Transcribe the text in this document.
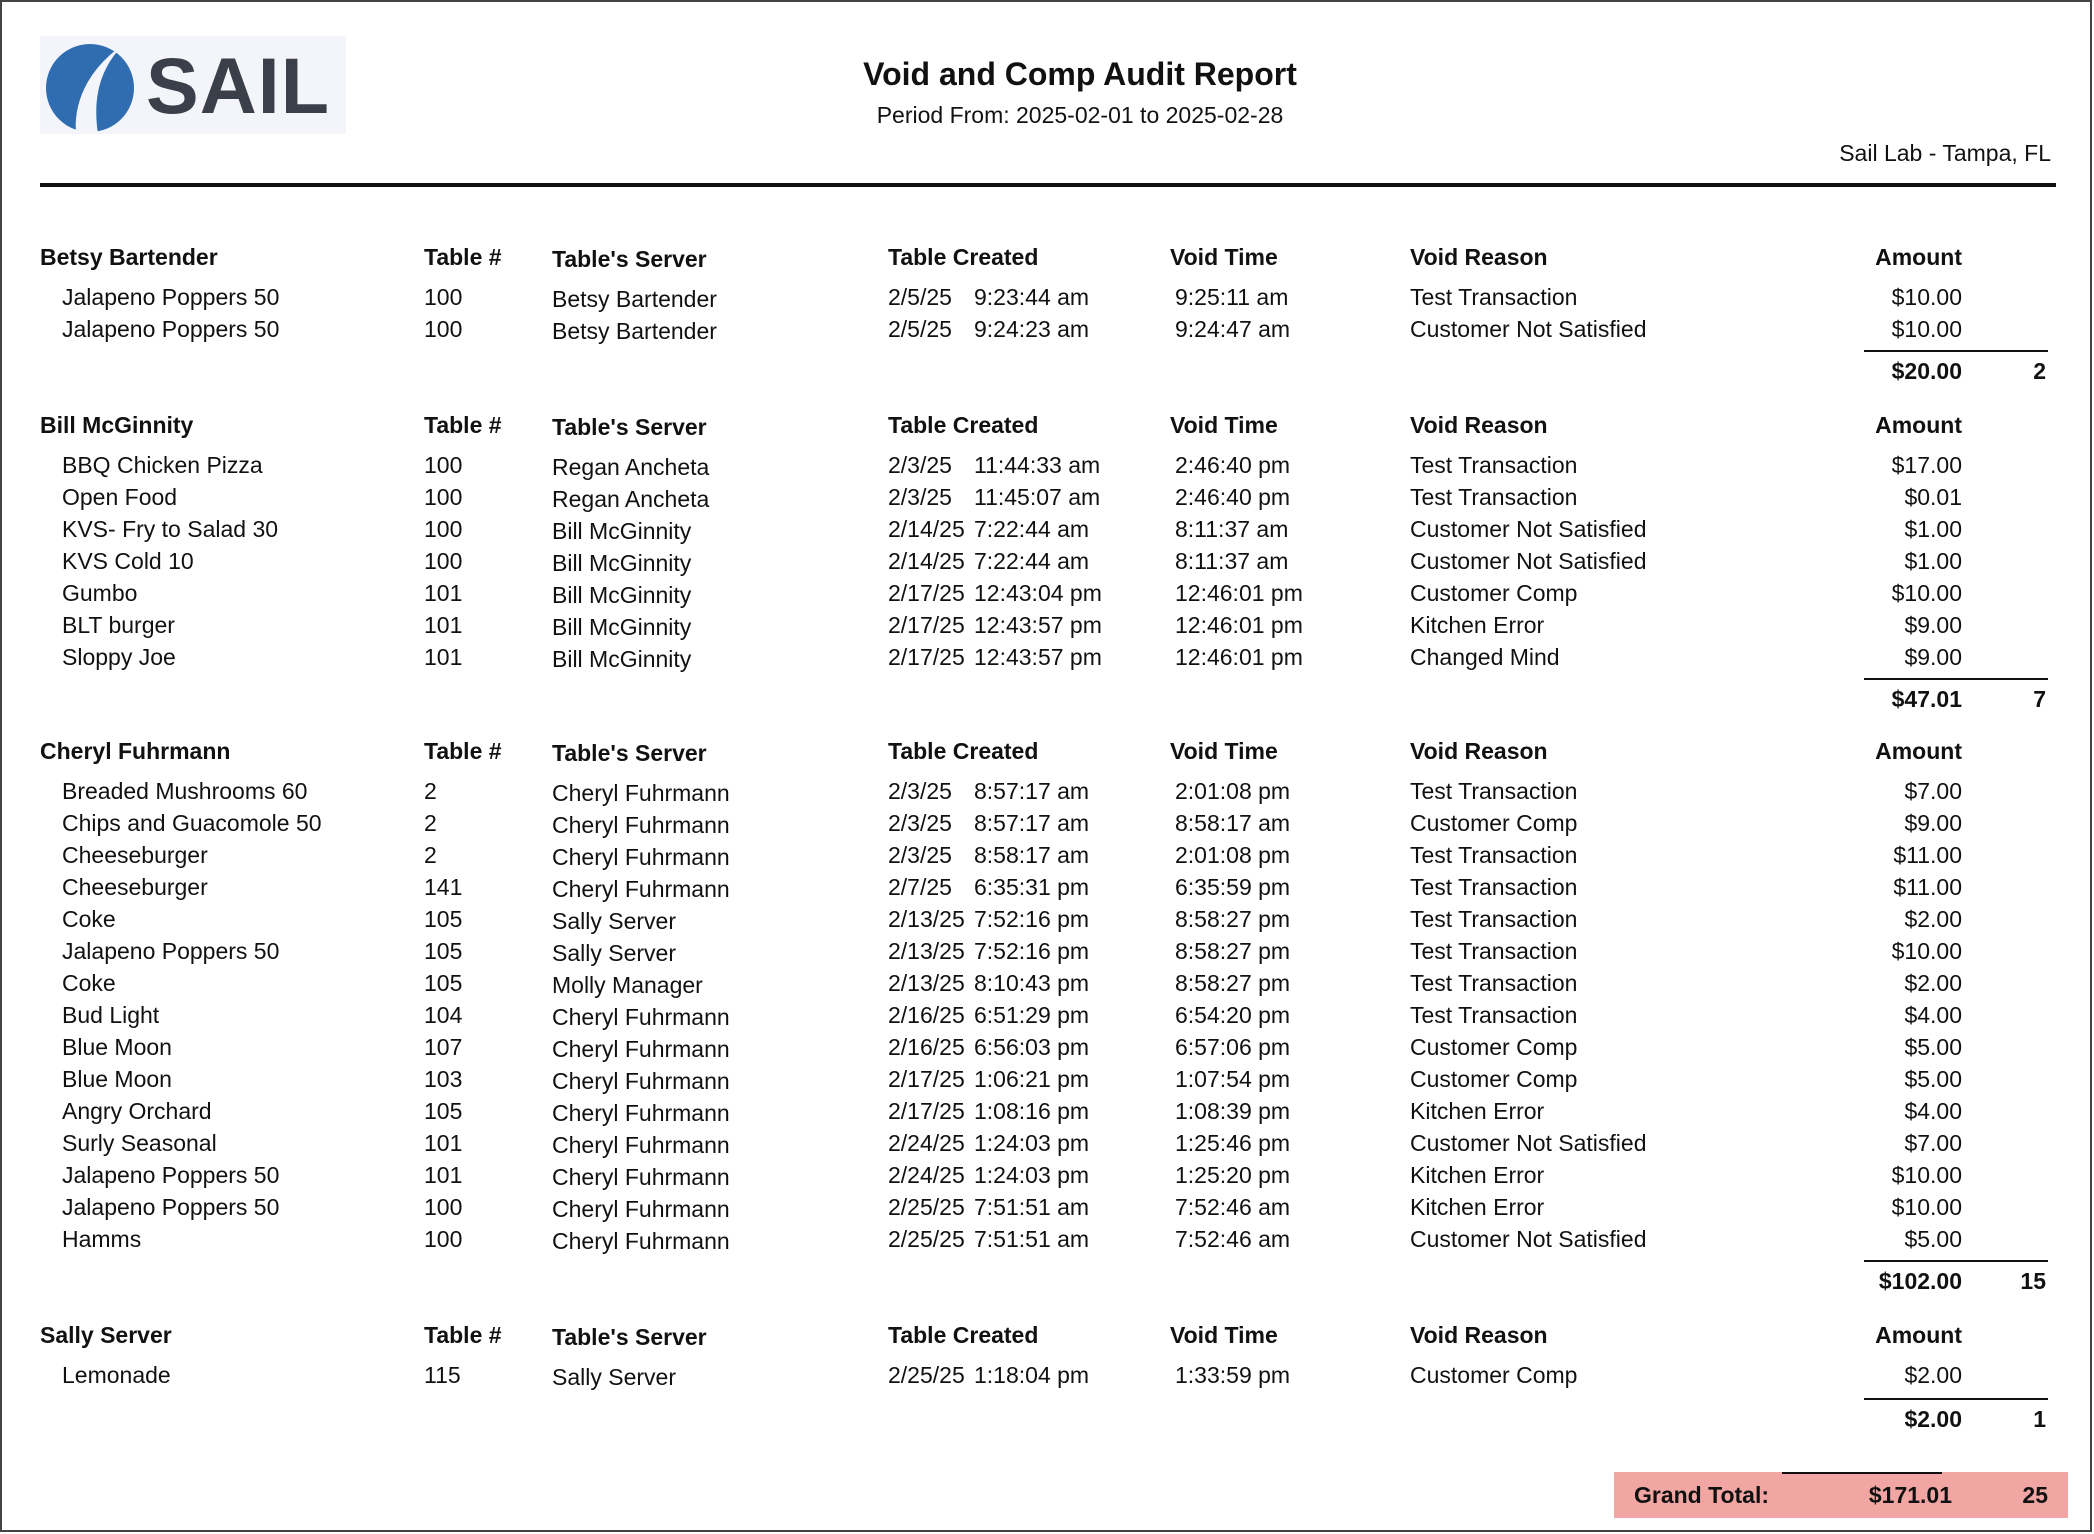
SAIL	Void and Comp Audit Report
Period From: 2025-02-01 to 2025-02-28
Sail Lab - Tampa, FL
Betsy Bartender	Table # Table's Server	Table Created	Void Time	Void Reason	Amount
Jalapeno Poppers 50	100	Betsy Bartender	2/5/25 9:23:44 am	9:25:11 am	Test Transaction	$10.00
Jalapeno Poppers 50	100	Betsy Bartender	2/5/25 9:24:23 am	9:24:47 am	Customer Not Satisfied	$10.00
$20.00	2
Bill McGinnity	Table # Table's Server	Table Created	Void Time	Void Reason	Amount
BBQ Chicken Pizza	100	Regan Ancheta	2/3/25 11:44:33 am	2:46:40 pm	Test Transaction	$17.00
Open Food	100	Regan Ancheta	2/3/25 11:45:07 am	2:46:40 pm	Test Transaction	$0.01
KVS- Fry to Salad 30	100	Bill McGinnity	2/14/25 7:22:44 am	8:11:37 am	Customer Not Satisfied	$1.00
KVS Cold 10	100	Bill McGinnity	2/14/25 7:22:44 am	8:11:37 am	Customer Not Satisfied	$1.00
Gumbo	101	Bill McGinnity	2/17/25 12:43:04 pm	12:46:01 pm	Customer Comp	$10.00
BLT burger	101	Bill McGinnity	2/17/25 12:43:57 pm	12:46:01 pm	Kitchen Error	$9.00
Sloppy Joe	101	Bill McGinnity	2/17/25 12:43:57 pm	12:46:01 pm	Changed Mind	$9.00
$47.01	7
Cheryl Fuhrmann	Table # Table's Server	Table Created	Void Time	Void Reason	Amount
Breaded Mushrooms 60	2	Cheryl Fuhrmann	2/3/25 8:57:17 am	2:01:08 pm	Test Transaction	$7.00
Chips and Guacomole 50	2	Cheryl Fuhrmann	2/3/25 8:57:17 am	8:58:17 am	Customer Comp	$9.00
Cheeseburger	2	Cheryl Fuhrmann	2/3/25 8:58:17 am	2:01:08 pm	Test Transaction	$11.00
Cheeseburger	141	Cheryl Fuhrmann	2/7/25 6:35:31 pm	6:35:59 pm	Test Transaction	$11.00
Coke	105	Sally Server	2/13/25 7:52:16 pm	8:58:27 pm	Test Transaction	$2.00
Jalapeno Poppers 50	105	Sally Server	2/13/25 7:52:16 pm	8:58:27 pm	Test Transaction	$10.00
Coke	105	Molly Manager	2/13/25 8:10:43 pm	8:58:27 pm	Test Transaction	$2.00
Bud Light	104	Cheryl Fuhrmann	2/16/25 6:51:29 pm	6:54:20 pm	Test Transaction	$4.00
Blue Moon	107	Cheryl Fuhrmann	2/16/25 6:56:03 pm	6:57:06 pm	Customer Comp	$5.00
Blue Moon	103	Cheryl Fuhrmann	2/17/25 1:06:21 pm	1:07:54 pm	Customer Comp	$5.00
Angry Orchard	105	Cheryl Fuhrmann	2/17/25 1:08:16 pm	1:08:39 pm	Kitchen Error	$4.00
Surly Seasonal	101	Cheryl Fuhrmann	2/24/25 1:24:03 pm	1:25:46 pm	Customer Not Satisfied	$7.00
Jalapeno Poppers 50	101	Cheryl Fuhrmann	2/24/25 1:24:03 pm	1:25:20 pm	Kitchen Error	$10.00
Jalapeno Poppers 50	100	Cheryl Fuhrmann	2/25/25 7:51:51 am	7:52:46 am	Kitchen Error	$10.00
Hamms	100	Cheryl Fuhrmann	2/25/25 7:51:51 am	7:52:46 am	Customer Not Satisfied	$5.00
$102.00	15
Sally Server	Table # Table's Server	Table Created	Void Time	Void Reason	Amount
Lemonade	115	Sally Server	2/25/25 1:18:04 pm	1:33:59 pm	Customer Comp	$2.00
$2.00	1
Grand Total:	$171.01	25
